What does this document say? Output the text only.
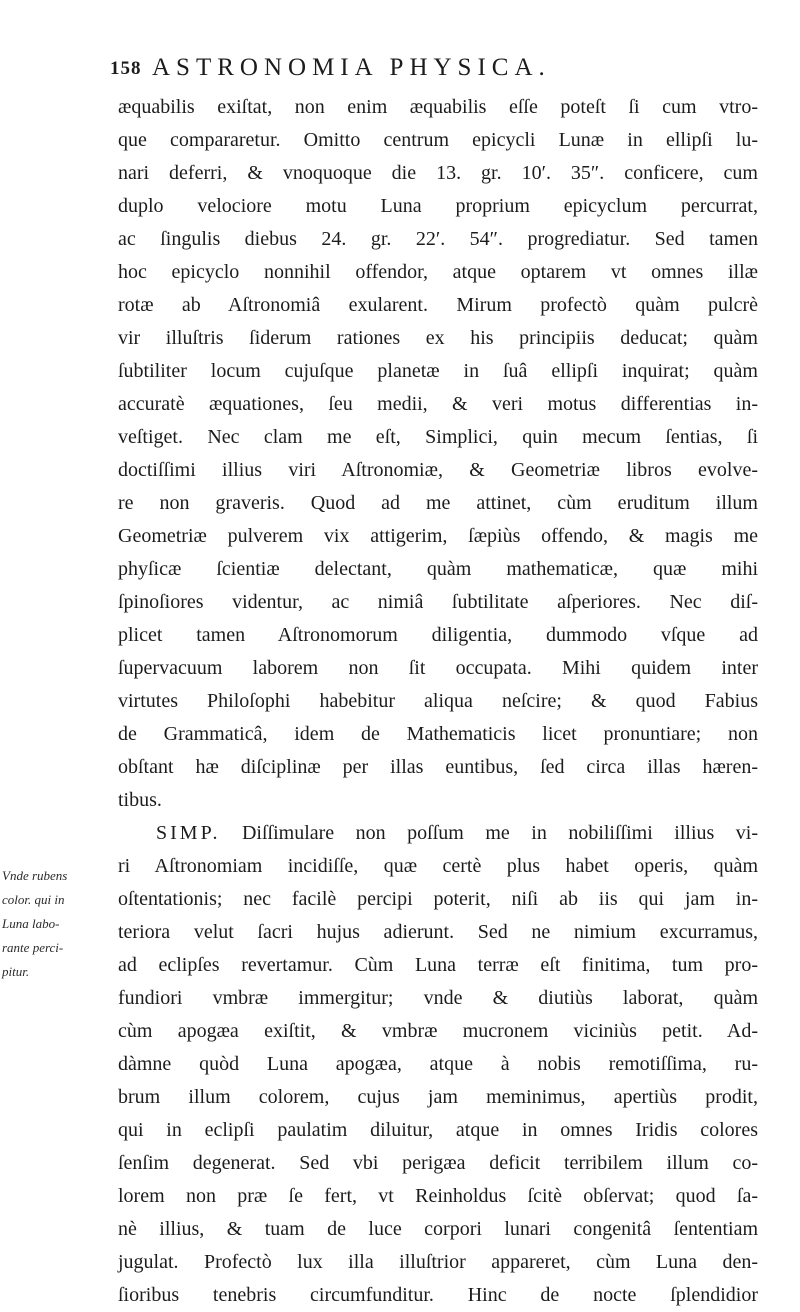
158 ASTRONOMIA PHYSICA.
Vnde rubens
color. qui in
Luna labo-
rante perci-
pitur.
æquabilis exiſtat, non enim æquabilis eſſe poteſt ſi cum vtro-
que compararetur. Omitto centrum epicycli Lunæ in ellipſi lu-
nari deferri, & vnoquoque die 13. gr. 10′. 35″. conficere, cum
duplo velociore motu Luna proprium epicyclum percurrat,
ac ſingulis diebus 24. gr. 22′. 54″. progrediatur. Sed tamen
hoc epicyclo nonnihil offendor, atque optarem vt omnes illæ
rotæ ab Aſtronomiâ exularent. Mirum profectò quàm pulcrè
vir illuſtris ſiderum rationes ex his principiis deducat; quàm
ſubtiliter locum cujuſque planetæ in ſuâ ellipſi inquirat; quàm
accuratè æquationes, ſeu medii, & veri motus differentias in-
veſtiget. Nec clam me eſt, Simplici, quin mecum ſentias, ſi
doctiſſimi illius viri Aſtronomiæ, & Geometriæ libros evolve-
re non graveris. Quod ad me attinet, cùm eruditum illum
Geometriæ pulverem vix attigerim, ſæpiùs offendo, & magis me
phyſicæ ſcientiæ delectant, quàm mathematicæ, quæ mihi
ſpinoſiores videntur, ac nimiâ ſubtilitate aſperiores. Nec diſ-
plicet tamen Aſtronomorum diligentia, dummodo vſque ad
ſupervacuum laborem non ſit occupata. Mihi quidem inter
virtutes Philoſophi habebitur aliqua neſcire; & quod Fabius
de Grammaticâ, idem de Mathematicis licet pronuntiare; non
obſtant hæ diſciplinæ per illas euntibus, ſed circa illas hæren-
tibus.
SIMP. Diſſimulare non poſſum me in nobiliſſimi illius vi-
ri Aſtronomiam incidiſſe, quæ certè plus habet operis, quàm
oſtentationis; nec facilè percipi poterit, niſi ab iis qui jam in-
teriora velut ſacri hujus adierunt. Sed ne nimium excurramus,
ad eclipſes revertamur. Cùm Luna terræ eſt finitima, tum pro-
fundiori vmbræ immergitur; vnde & diutiùs laborat, quàm
cùm apogæa exiſtit, & vmbræ mucronem viciniùs petit. Ad-
dàmne quòd Luna apogæa, atque à nobis remotiſſima, ru-
brum illum colorem, cujus jam meminimus, apertiùs prodit,
qui in eclipſi paulatim diluitur, atque in omnes Iridis colores
ſenſim degenerat. Sed vbi perigæa deficit terribilem illum co-
lorem non præ ſe fert, vt Reinholdus ſcitè obſervat; quod ſa-
nè illius, & tuam de luce corpori lunari congenitâ ſententiam
jugulat. Profectò lux illa illuſtrior appareret, cùm Luna den-
ſioribus tenebris circumfunditur. Hinc de nocte ſplendidior
